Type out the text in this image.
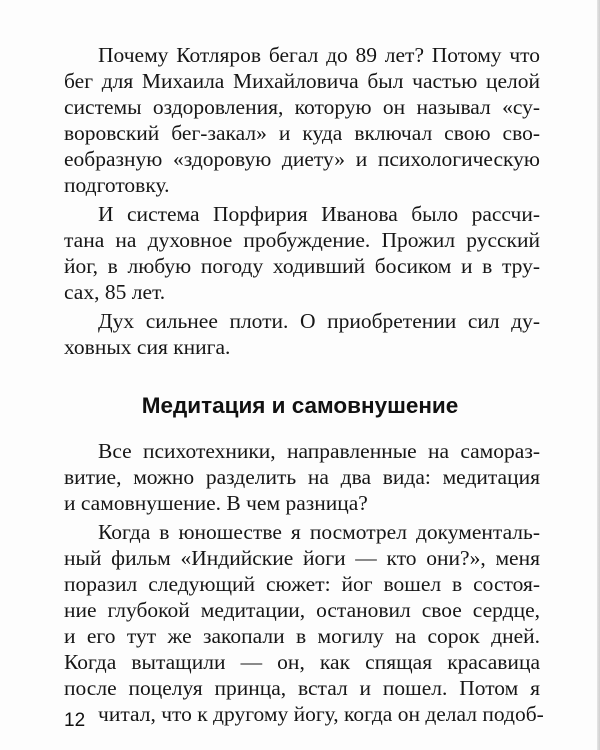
Почему Котляров бегал до 89 лет? Потому что
бег для Михаила Михайловича был частью целой
системы оздоровления, которую он называл «су-
воровский бег-закал» и куда включал свою сво-
еобразную «здоровую диету» и психологическую
подготовку.
И система Порфирия Иванова было рассчи-
тана на духовное пробуждение. Прожил русский
йог, в любую погоду ходивший босиком и в тру-
сах, 85 лет.
Дух сильнее плоти. О приобретении сил ду-
ховных сия книга.
Медитация и самовнушение
Все психотехники, направленные на самораз-
витие, можно разделить на два вида: медитация
и самовнушение. В чем разница?
Когда в юношестве я посмотрел документаль-
ный фильм «Индийские йоги — кто они?», меня
поразил следующий сюжет: йог вошел в состоя-
ние глубокой медитации, остановил свое сердце,
и его тут же закопали в могилу на сорок дней.
Когда вытащили — он, как спящая красавица
после поцелуя принца, встал и пошел. Потом я
читал, что к другому йогу, когда он делал подоб-
12
